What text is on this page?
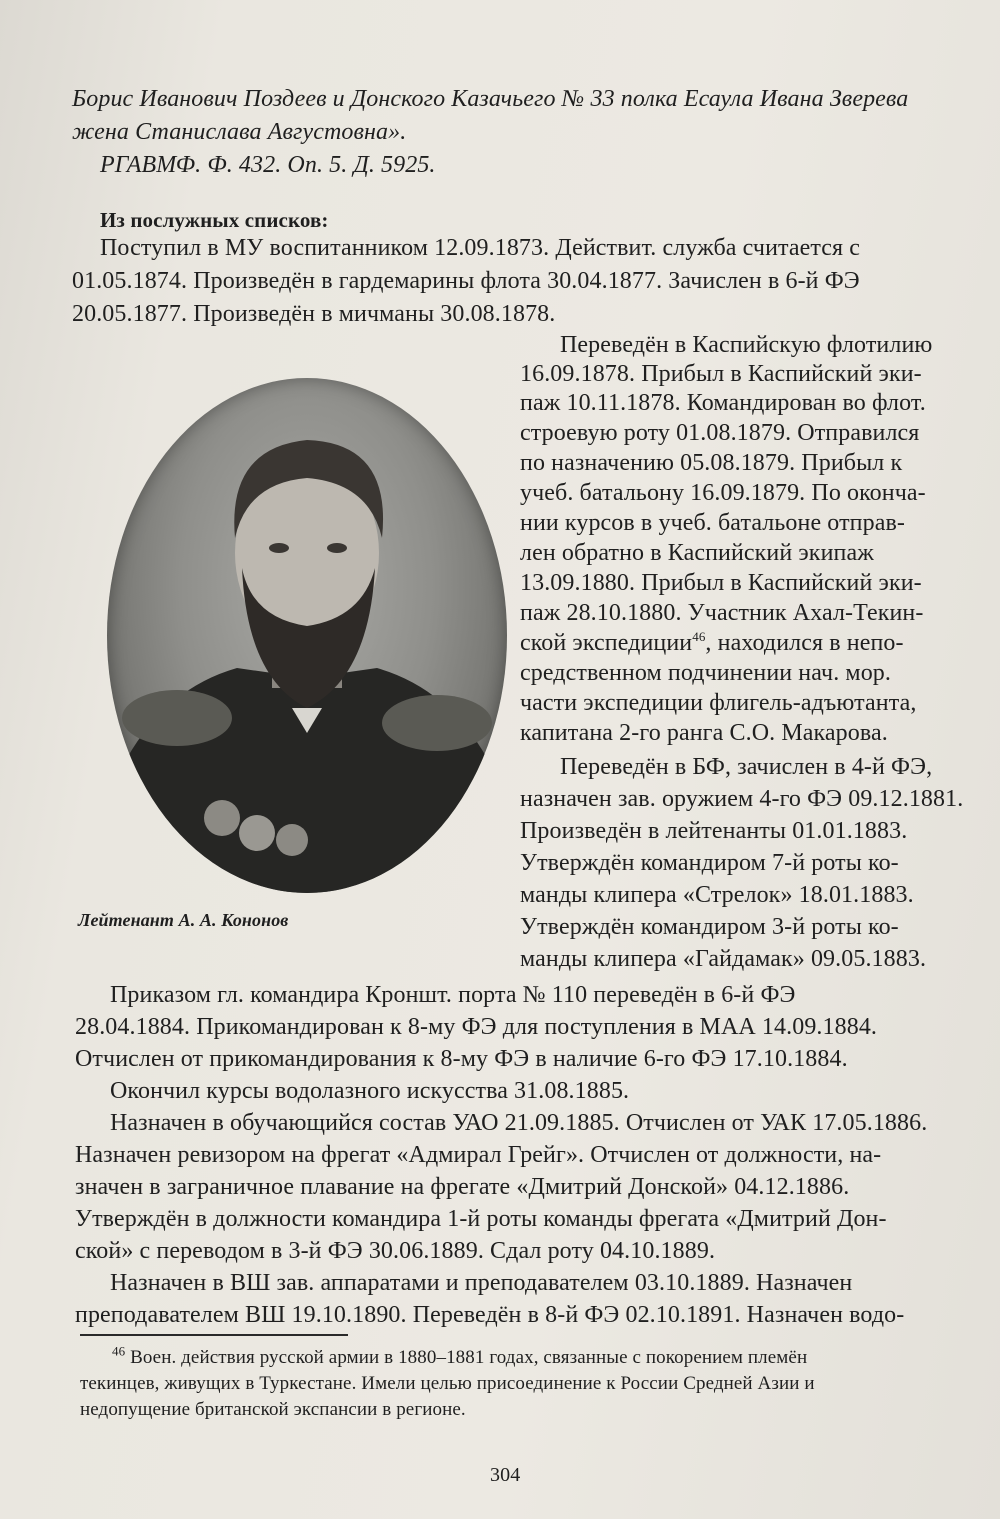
Борис Иванович Поздеев и Донского Казачьего № 33 полка Есаула Ивана Зверева
жена Станислава Августовна».
РГАВМФ. Ф. 432. Оп. 5. Д. 5925.
Из послужных списков:
Поступил в МУ воспитанником 12.09.1873. Действит. служба считается с
01.05.1874. Произведён в гардемарины флота 30.04.1877. Зачислен в 6-й ФЭ
20.05.1877. Произведён в мичманы 30.08.1878.
Лейтенант А. А. Кононов
Переведён в Каспийскую флотилию
16.09.1878. Прибыл в Каспийский эки-
паж 10.11.1878. Командирован во флот.
строевую роту 01.08.1879. Отправился
по назначению 05.08.1879. Прибыл к
учеб. батальону 16.09.1879. По оконча-
нии курсов в учеб. батальоне отправ-
лен обратно в Каспийский экипаж
13.09.1880. Прибыл в Каспийский эки-
паж 28.10.1880. Участник Ахал-Текин-
ской экспедиции$^{46}$, находился в непо-
средственном подчинении нач. мор.
части экспедиции флигель-адъютанта,
капитана 2-го ранга С.О. Макарова.
Переведён в БФ, зачислен в 4-й ФЭ,
назначен зав. оружием 4-го ФЭ 09.12.1881.
Произведён в лейтенанты 01.01.1883.
Утверждён командиром 7-й роты ко-
манды клипера «Стрелок» 18.01.1883.
Утверждён командиром 3-й роты ко-
манды клипера «Гайдамак» 09.05.1883.
Приказом гл. командира Кроншт. порта № 110 переведён в 6-й ФЭ
28.04.1884. Прикомандирован к 8-му ФЭ для поступления в МАА 14.09.1884.
Отчислен от прикомандирования к 8-му ФЭ в наличие 6-го ФЭ 17.10.1884.
Окончил курсы водолазного искусства 31.08.1885.
Назначен в обучающийся состав УАО 21.09.1885. Отчислен от УАК 17.05.1886.
Назначен ревизором на фрегат «Адмирал Грейг». Отчислен от должности, на-
значен в заграничное плавание на фрегате «Дмитрий Донской» 04.12.1886.
Утверждён в должности командира 1-й роты команды фрегата «Дмитрий Дон-
ской» с переводом в 3-й ФЭ 30.06.1889. Сдал роту 04.10.1889.
Назначен в ВШ зав. аппаратами и преподавателем 03.10.1889. Назначен
преподавателем ВШ 19.10.1890. Переведён в 8-й ФЭ 02.10.1891. Назначен водо-
$^{46}$ Воен. действия русской армии в 1880–1881 годах, связанные с покорением племён
текинцев, живущих в Туркестане. Имели целью присоединение к России Средней Азии и
недопущение британской экспансии в регионе.
304
